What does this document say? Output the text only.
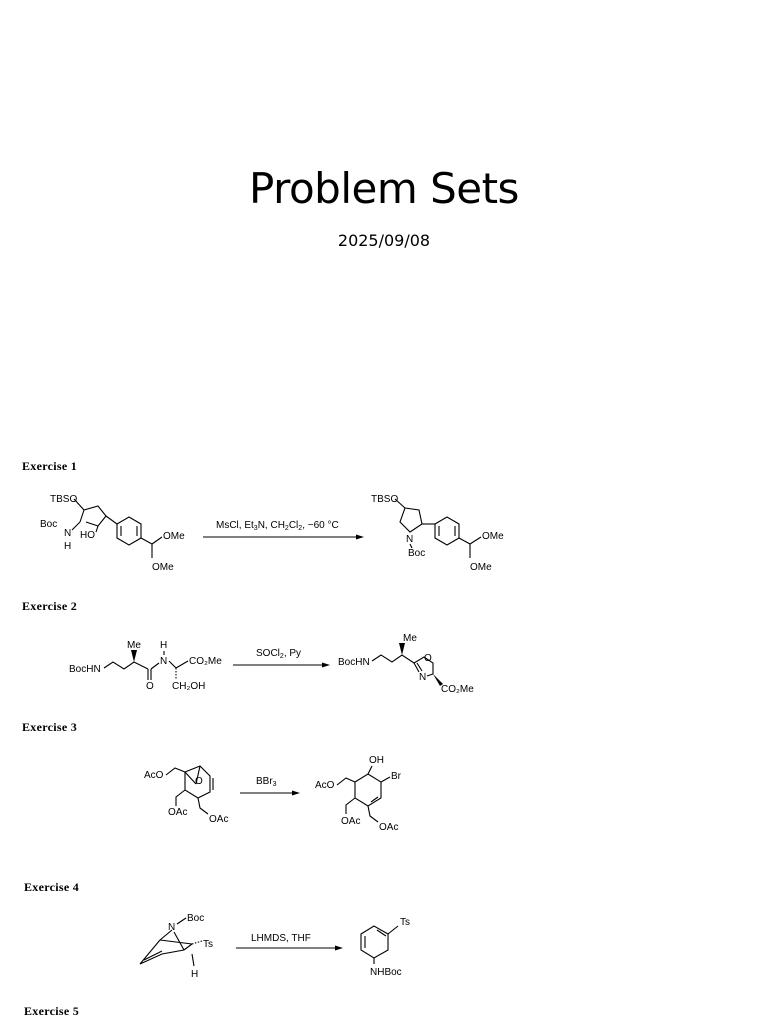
Problem Sets
2025/09/08
Exercise 1
TBSO
Boc
N
H
HO	OMe
OMe
MsCl, $Et_3N$, $CH_2Cl_2$, −60 °C
TBSO
N
Boc
OMe
OMe
Exercise 2
BocHN
Me
O
H
N CO₂Me
CH₂OH
SOCl$_2$, Py
BocHN
Me
O
N
CO₂Me
Exercise 3
AcO
O
OAc
OAc
BBr$_3$	AcO
OH
Br
OAc
OAc
Exercise 4
N
Boc
Ts
H
LHMDS, THF
Ts
NHBoc
Exercise 5
